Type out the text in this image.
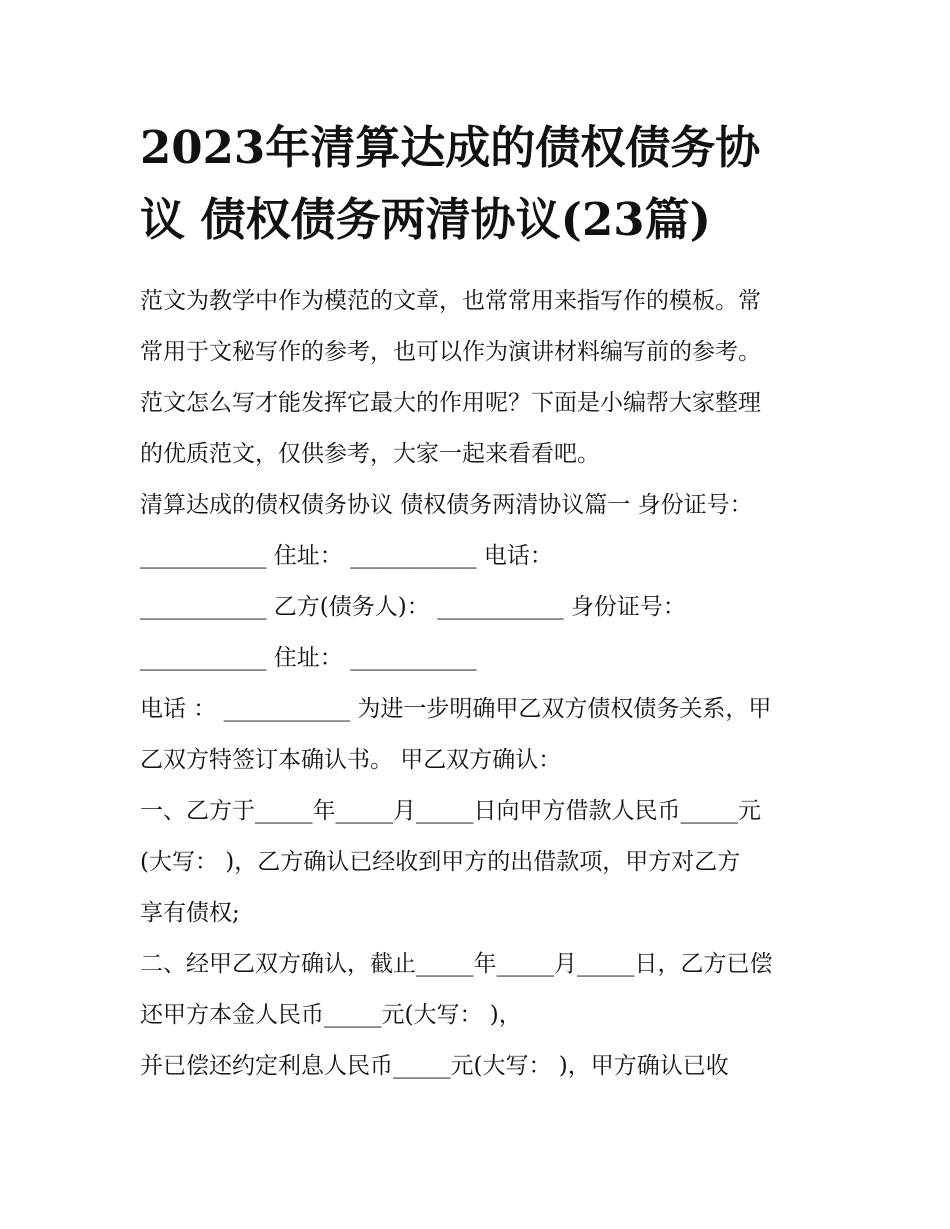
2023年清算达成的债权债务协
议 债权债务两清协议(23篇)
范文为教学中作为模范的文章，也常常用来指写作的模板。常
常用于文秘写作的参考，也可以作为演讲材料编写前的参考。
范文怎么写才能发挥它最大的作用呢？下面是小编帮大家整理
的优质范文，仅供参考，大家一起来看看吧。
清算达成的债权债务协议 债权债务两清协议篇一 身份证号：
___________ 住址： ___________ 电话：
___________ 乙方(债务人)： ___________ 身份证号：
___________ 住址： ___________
电话 ： ___________ 为进一步明确甲乙双方债权债务关系，甲
乙双方特签订本确认书。 甲乙双方确认：
一、乙方于_____年_____月_____日向甲方借款人民币_____元
(大写： )，乙方确认已经收到甲方的出借款项，甲方对乙方
享有债权;
二、经甲乙双方确认，截止_____年_____月_____日，乙方已偿
还甲方本金人民币_____元(大写： )，
并已偿还约定利息人民币_____元(大写： )，甲方确认已收
